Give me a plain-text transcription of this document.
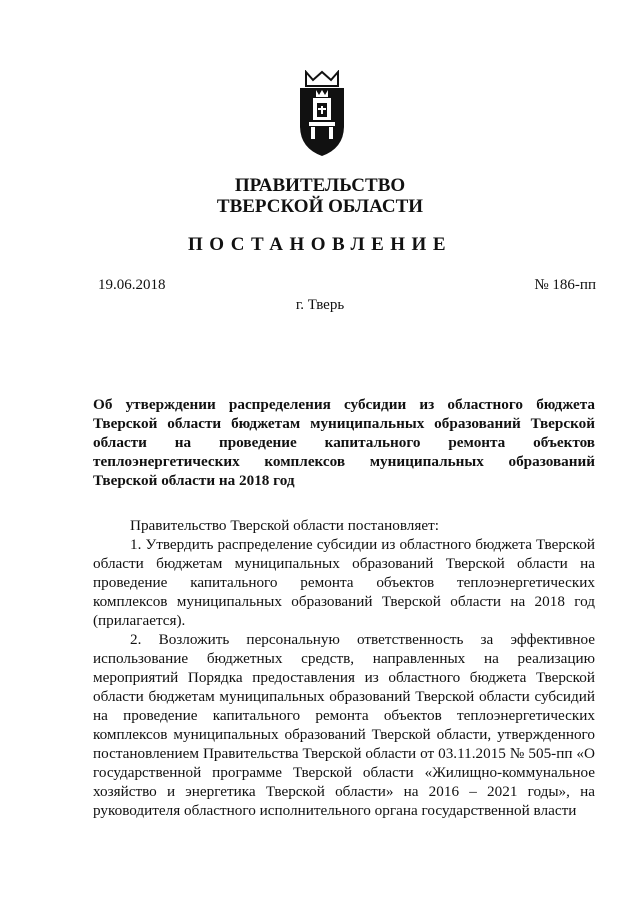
ПРАВИТЕЛЬСТВО
ТВЕРСКОЙ ОБЛАСТИ
ПОСТАНОВЛЕНИЕ
19.06.2018	№ 186-пп
г. Тверь

Об утверждении распределения субсидии из областного бюджета Тверской области бюджетам муниципальных образований Тверской области на проведение капитального ремонта объектов теплоэнергетических комплексов муниципальных образований Тверской области на 2018 год

Правительство Тверской области постановляет:

1. Утвердить распределение субсидии из областного бюджета Тверской области бюджетам муниципальных образований Тверской области на проведение капитального ремонта объектов теплоэнергетических комплексов муниципальных образований Тверской области на 2018 год (прилагается).

2. Возложить персональную ответственность за эффективное использование бюджетных средств, направленных на реализацию мероприятий Порядка предоставления из областного бюджета Тверской области бюджетам муниципальных образований Тверской области субсидий на проведение капитального ремонта объектов теплоэнергетических комплексов муниципальных образований Тверской области, утвержденного постановлением Правительства Тверской области от 03.11.2015 № 505-пп «О государственной программе Тверской области «Жилищно-коммунальное хозяйство и энергетика Тверской области» на 2016 – 2021 годы», на руководителя областного исполнительного органа государственной власти
